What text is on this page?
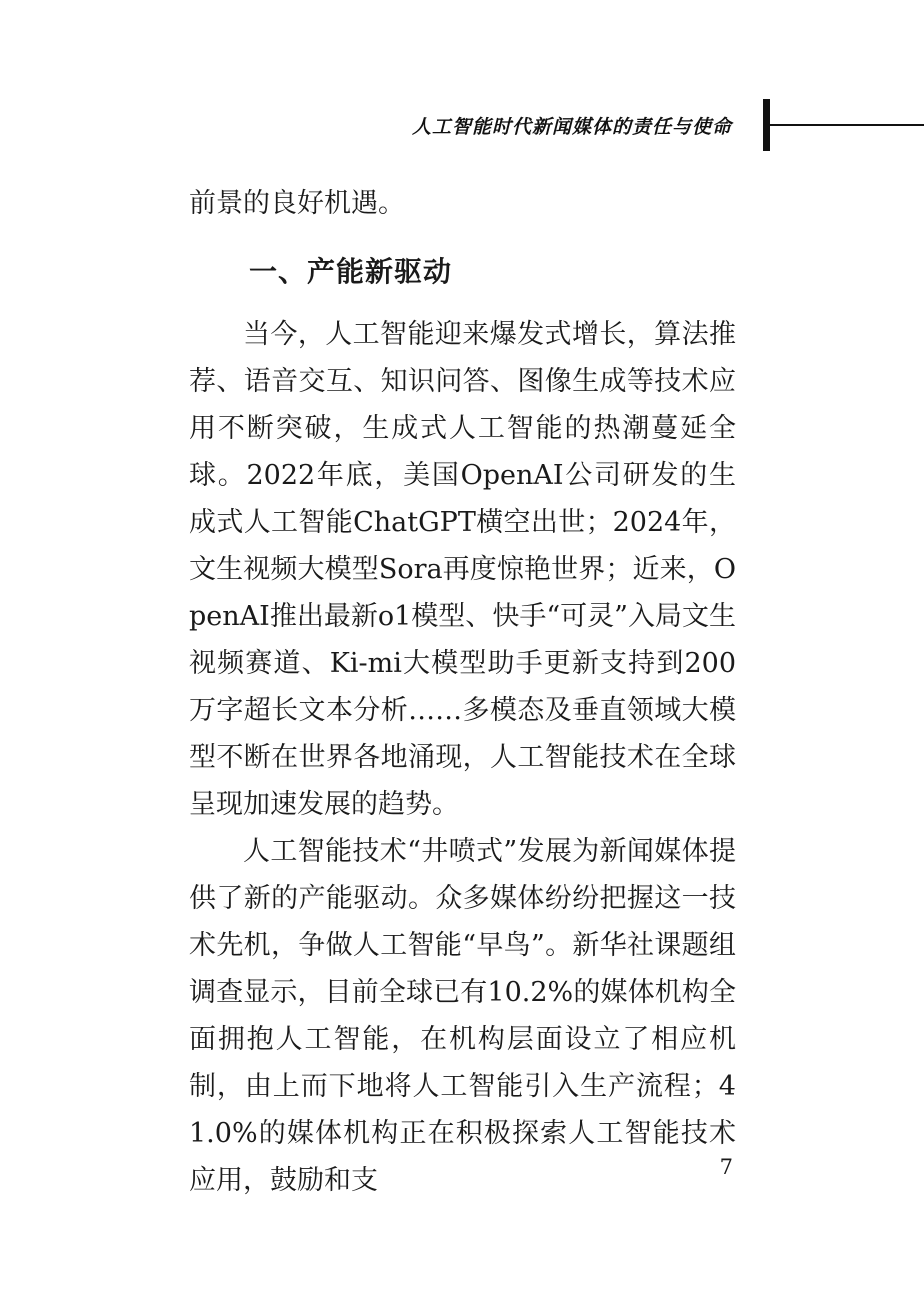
人工智能时代新闻媒体的责任与使命

前景的良好机遇。

一、产能新驱动

当今，人工智能迎来爆发式增长，算法推荐、语音交互、知识问答、图像生成等技术应用不断突破，生成式人工智能的热潮蔓延全球。2022年底，美国OpenAI公司研发的生成式人工智能ChatGPT横空出世；2024年，文生视频大模型Sora再度惊艳世界；近来，OpenAI推出最新o1模型、快手“可灵”入局文生视频赛道、Ki-mi大模型助手更新支持到200万字超长文本分析……多模态及垂直领域大模型不断在世界各地涌现，人工智能技术在全球呈现加速发展的趋势。

人工智能技术“井喷式”发展为新闻媒体提供了新的产能驱动。众多媒体纷纷把握这一技术先机，争做人工智能“早鸟”。新华社课题组调查显示，目前全球已有10.2%的媒体机构全面拥抱人工智能，在机构层面设立了相应机制，由上而下地将人工智能引入生产流程；41.0%的媒体机构正在积极探索人工智能技术应用，鼓励和支	7
